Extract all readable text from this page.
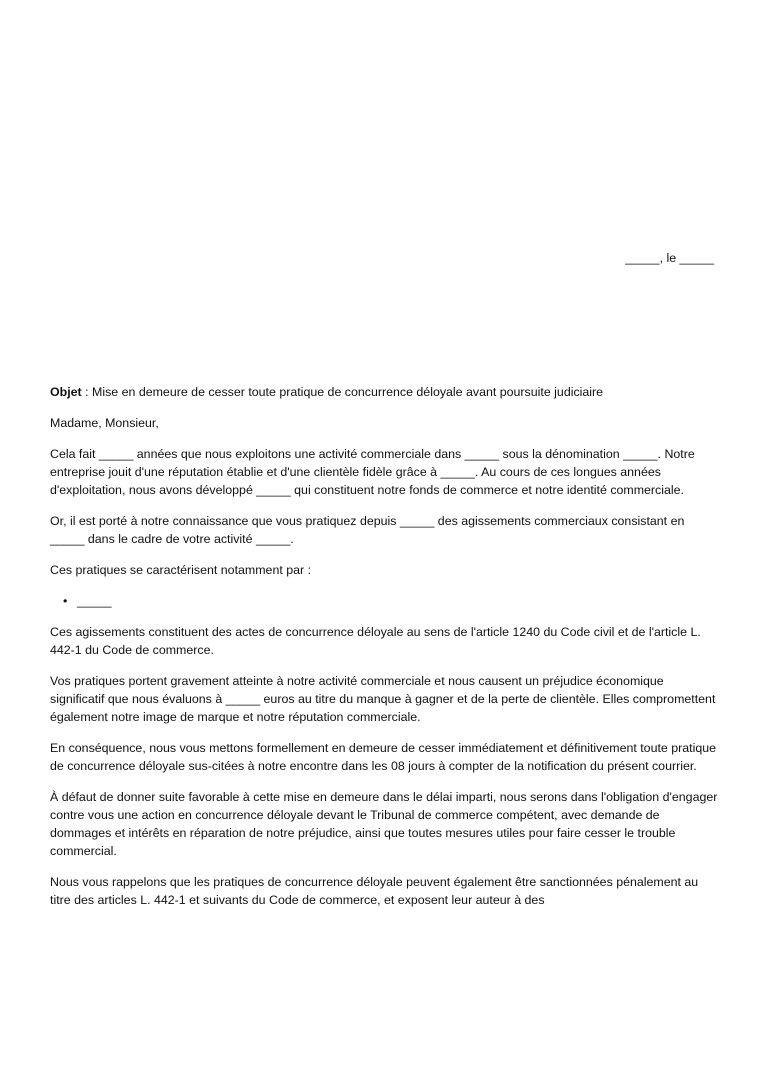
_____, le _____

Objet : Mise en demeure de cesser toute pratique de concurrence déloyale avant poursuite judiciaire

Madame, Monsieur,

Cela fait _____ années que nous exploitons une activité commerciale dans _____ sous la dénomination _____. Notre entreprise jouit d'une réputation établie et d'une clientèle fidèle grâce à _____. Au cours de ces longues années d'exploitation, nous avons développé _____ qui constituent notre fonds de commerce et notre identité commerciale.

Or, il est porté à notre connaissance que vous pratiquez depuis _____ des agissements commerciaux consistant en _____ dans le cadre de votre activité _____.

Ces pratiques se caractérisent notamment par :

• _____

Ces agissements constituent des actes de concurrence déloyale au sens de l'article 1240 du Code civil et de l'article L. 442-1 du Code de commerce.

Vos pratiques portent gravement atteinte à notre activité commerciale et nous causent un préjudice économique significatif que nous évaluons à _____ euros au titre du manque à gagner et de la perte de clientèle. Elles compromettent également notre image de marque et notre réputation commerciale.

En conséquence, nous vous mettons formellement en demeure de cesser immédiatement et définitivement toute pratique de concurrence déloyale sus-citées à notre encontre dans les 08 jours à compter de la notification du présent courrier.

À défaut de donner suite favorable à cette mise en demeure dans le délai imparti, nous serons dans l'obligation d'engager contre vous une action en concurrence déloyale devant le Tribunal de commerce compétent, avec demande de dommages et intérêts en réparation de notre préjudice, ainsi que toutes mesures utiles pour faire cesser le trouble commercial.

Nous vous rappelons que les pratiques de concurrence déloyale peuvent également être sanctionnées pénalement au titre des articles L. 442-1 et suivants du Code de commerce, et exposent leur auteur à des
